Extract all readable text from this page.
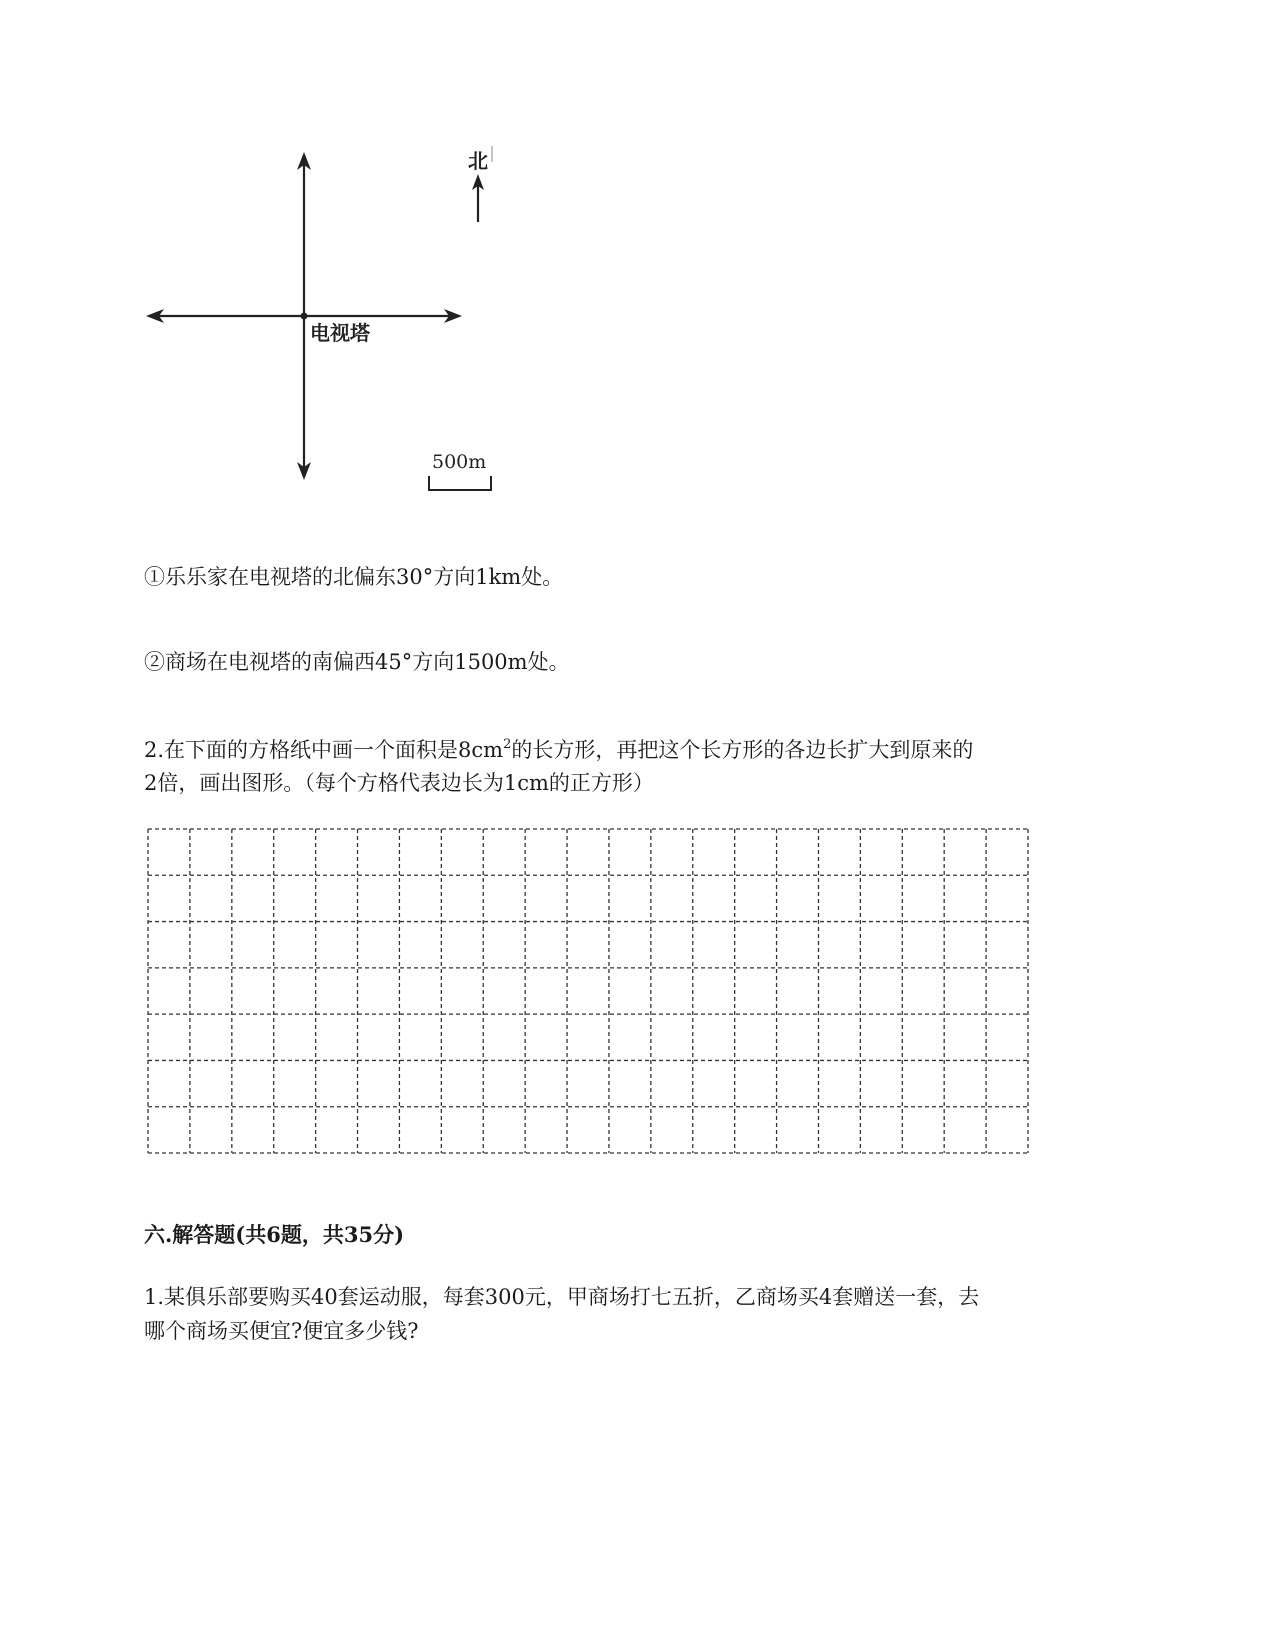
电视塔
北
500m
①乐乐家在电视塔的北偏东30°方向1km处。
②商场在电视塔的南偏西45°方向1500m处。
2.在下面的方格纸中画一个面积是$8cm^2$的长方形，再把这个长方形的各边长扩大到原来的
2倍，画出图形。（每个方格代表边长为1cm的正方形）
六.解答题(共6题，共35分)
1.某俱乐部要购买40套运动服，每套300元，甲商场打七五折，乙商场买4套赠送一套，去
哪个商场买便宜?便宜多少钱?
